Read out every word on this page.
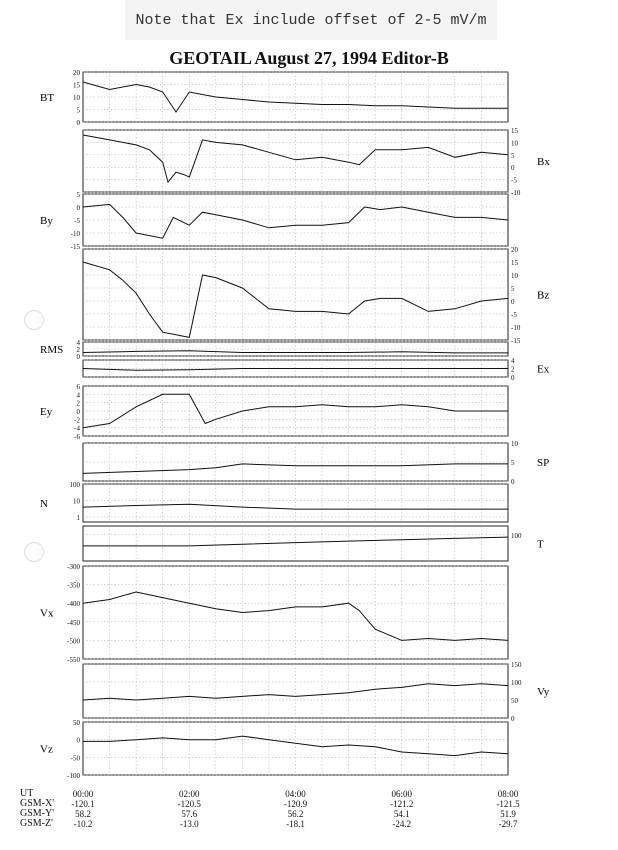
Note that Ex include offset of 2-5 mV/m
GEOTAIL August 27, 1994 Editor-B
0
5
10
15
20
BT
-10
-5
0
5
10
15
Bx
-15
-10
-5
0
5
By
-15
-10
-5
0
5
10
15
20
Bz
0
2
4
RMS
0
2
4
Ex
-6
-4
-2
0
2
4
6
Ey
0
5
10
SP
1
10
100
N
100
T
-550
-500
-450
-400
-350
-300
Vx
0
50
100
150
Vy
-100
-50
0
50
Vz
00:00
-120.1
58.2
-10.2
02:00
-120.5
57.6
-13.0
04:00
-120.9
56.2
-18.1
06:00
-121.2
54.1
-24.2
08:00
-121.5
51.9
-29.7
UT
GSM-X'
GSM-Y'
GSM-Z'
